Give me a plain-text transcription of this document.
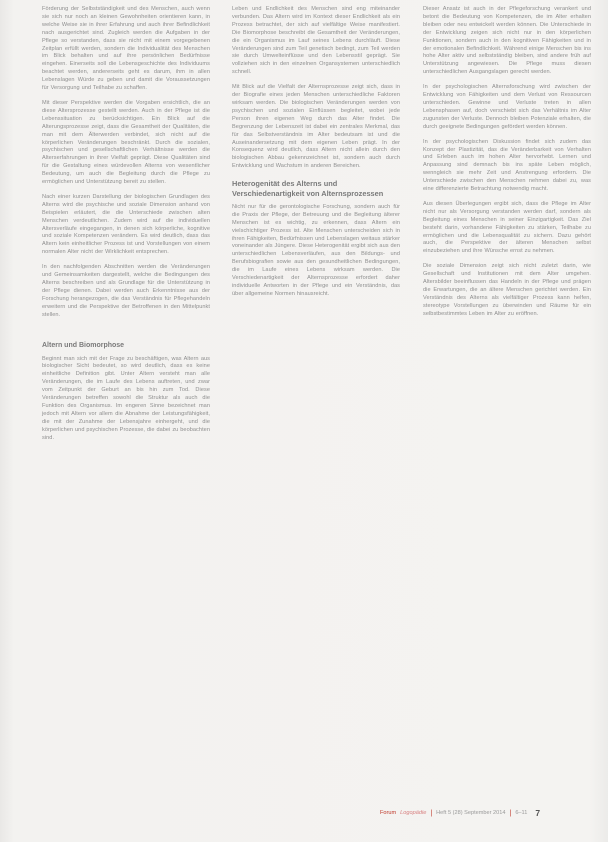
Förderung der Selbstständigkeit und des Menschen, auch wenn sie sich nur noch an kleinen Gewohnheiten orientieren kann, in welche Weise sie in ihrer Erfahrung und auch ihrer Befindlichkeit nach ausgerichtet sind. Zugleich werden die Aufgaben in der Pflege so verstanden, dass sie nicht mit einem vorgegebenen Zeitplan erfüllt werden, sondern die Individualität des Menschen im Blick behalten und auf ihre persönlichen Bedürfnisse eingehen. Einerseits soll die Lebensgeschichte des Individuums beachtet werden, andererseits geht es darum, ihm in allen Lebenslagen Würde zu geben und damit die Voraussetzungen für Versorgung und Teilhabe zu schaffen.

Mit dieser Perspektive werden die Vorgaben ersichtlich, die an diese Altersprozesse gestellt werden. Auch in der Pflege ist die Lebenssituation zu berücksichtigen. Ein Blick auf die Alterungsprozesse zeigt, dass die Gesamtheit der Qualitäten, die man mit dem Älterwerden verbindet, sich nicht auf die körperlichen Veränderungen beschränkt. Durch die sozialen, psychischen und gesellschaftlichen Verhältnisse werden die Alterserfahrungen in ihrer Vielfalt geprägt. Diese Qualitäten sind für die Gestaltung eines würdevollen Alterns von wesentlicher Bedeutung, um auch die Begleitung durch die Pflege zu ermöglichen und Unterstützung bereit zu stellen.

Nach einer kurzen Darstellung der biologischen Grundlagen des Alterns wird die psychische und soziale Dimension anhand von Beispielen erläutert, die die Unterschiede zwischen alten Menschen verdeutlichen. Zudem wird auf die individuellen Altersverläufe eingegangen, in denen sich körperliche, kognitive und soziale Kompetenzen verändern. Es wird deutlich, dass das Altern kein einheitlicher Prozess ist und Vorstellungen von einem normalen Alter nicht der Wirklichkeit entsprechen.

In den nachfolgenden Abschnitten werden die Veränderungen und Gemeinsamkeiten dargestellt, welche die Bedingungen des Alterns beschreiben und als Grundlage für die Unterstützung in der Pflege dienen. Dabei werden auch Erkenntnisse aus der Forschung herangezogen, die das Verständnis für Pflegehandeln erweitern und die Perspektive der Betroffenen in den Mittelpunkt stellen.

Altern und Biomorphose

Beginnt man sich mit der Frage zu beschäftigen, was Altern aus biologischer Sicht bedeutet, so wird deutlich, dass es keine einheitliche Definition gibt. Unter Altern versteht man alle Veränderungen, die im Laufe des Lebens auftreten, und zwar vom Zeitpunkt der Geburt an bis hin zum Tod. Diese Veränderungen betreffen sowohl die Struktur als auch die Funktion des Organismus. Im engeren Sinne bezeichnet man jedoch mit Altern vor allem die Abnahme der Leistungsfähigkeit, die mit der Zunahme der Lebensjahre einhergeht, und die körperlichen und psychischen Prozesse, die dabei zu beobachten sind.

Leben und Endlichkeit des Menschen sind eng miteinander verbunden. Das Altern wird im Kontext dieser Endlichkeit als ein Prozess betrachtet, der sich auf vielfältige Weise manifestiert. Die Biomorphose beschreibt die Gesamtheit der Veränderungen, die ein Organismus im Lauf seines Lebens durchläuft. Diese Veränderungen sind zum Teil genetisch bedingt, zum Teil werden sie durch Umwelteinflüsse und den Lebensstil geprägt. Sie vollziehen sich in den einzelnen Organsystemen unterschiedlich schnell.

Mit Blick auf die Vielfalt der Alternsprozesse zeigt sich, dass in der Biografie eines jeden Menschen unterschiedliche Faktoren wirksam werden. Die biologischen Veränderungen werden von psychischen und sozialen Einflüssen begleitet, wobei jede Person ihren eigenen Weg durch das Alter findet. Die Begrenzung der Lebenszeit ist dabei ein zentrales Merkmal, das für das Selbstverständnis im Alter bedeutsam ist und die Auseinandersetzung mit dem eigenen Leben prägt. In der Konsequenz wird deutlich, dass Altern nicht allein durch den biologischen Abbau gekennzeichnet ist, sondern auch durch Entwicklung und Wachstum in anderen Bereichen.

Heterogenität des Alterns und Verschiedenartigkeit von Alternsprozessen

Nicht nur für die gerontologische Forschung, sondern auch für die Praxis der Pflege, der Betreuung und die Begleitung älterer Menschen ist es wichtig, zu erkennen, dass Altern ein vielschichtiger Prozess ist. Alte Menschen unterscheiden sich in ihren Fähigkeiten, Bedürfnissen und Lebenslagen weitaus stärker voneinander als Jüngere. Diese Heterogenität ergibt sich aus den unterschiedlichen Lebensverläufen, aus den Bildungs- und Berufsbiografien sowie aus den gesundheitlichen Bedingungen, die im Laufe eines Lebens wirksam werden. Die Verschiedenartigkeit der Alternsprozesse erfordert daher individuelle Antworten in der Pflege und ein Verständnis, das über allgemeine Normen hinausreicht.

Dieser Ansatz ist auch in der Pflegeforschung verankert und betont die Bedeutung von Kompetenzen, die im Alter erhalten bleiben oder neu entwickelt werden können. Die Unterschiede in der Entwicklung zeigen sich nicht nur in den körperlichen Funktionen, sondern auch in den kognitiven Fähigkeiten und in der emotionalen Befindlichkeit. Während einige Menschen bis ins hohe Alter aktiv und selbstständig bleiben, sind andere früh auf Unterstützung angewiesen. Die Pflege muss diesen unterschiedlichen Ausgangslagen gerecht werden.

In der psychologischen Alternsforschung wird zwischen der Entwicklung von Fähigkeiten und dem Verlust von Ressourcen unterschieden. Gewinne und Verluste treten in allen Lebensphasen auf, doch verschiebt sich das Verhältnis im Alter zugunsten der Verluste. Dennoch bleiben Potenziale erhalten, die durch geeignete Bedingungen gefördert werden können.

In der psychologischen Diskussion findet sich zudem das Konzept der Plastizität, das die Veränderbarkeit von Verhalten und Erleben auch im hohen Alter hervorhebt. Lernen und Anpassung sind demnach bis ins späte Leben möglich, wenngleich sie mehr Zeit und Anstrengung erfordern. Die Unterschiede zwischen den Menschen nehmen dabei zu, was eine differenzierte Betrachtung notwendig macht.

Aus diesen Überlegungen ergibt sich, dass die Pflege im Alter nicht nur als Versorgung verstanden werden darf, sondern als Begleitung eines Menschen in seiner Einzigartigkeit. Das Ziel besteht darin, vorhandene Fähigkeiten zu stärken, Teilhabe zu ermöglichen und die Lebensqualität zu sichern. Dazu gehört auch, die Perspektive der älteren Menschen selbst einzubeziehen und ihre Wünsche ernst zu nehmen.

Die soziale Dimension zeigt sich nicht zuletzt darin, wie Gesellschaft und Institutionen mit dem Alter umgehen. Altersbilder beeinflussen das Handeln in der Pflege und prägen die Erwartungen, die an ältere Menschen gerichtet werden. Ein Verständnis des Alterns als vielfältiger Prozess kann helfen, stereotype Vorstellungen zu überwinden und Räume für ein selbstbestimmtes Leben im Alter zu eröffnen.

Forum Logopädie | Heft 5 (28) September 2014 | 6–11 7
